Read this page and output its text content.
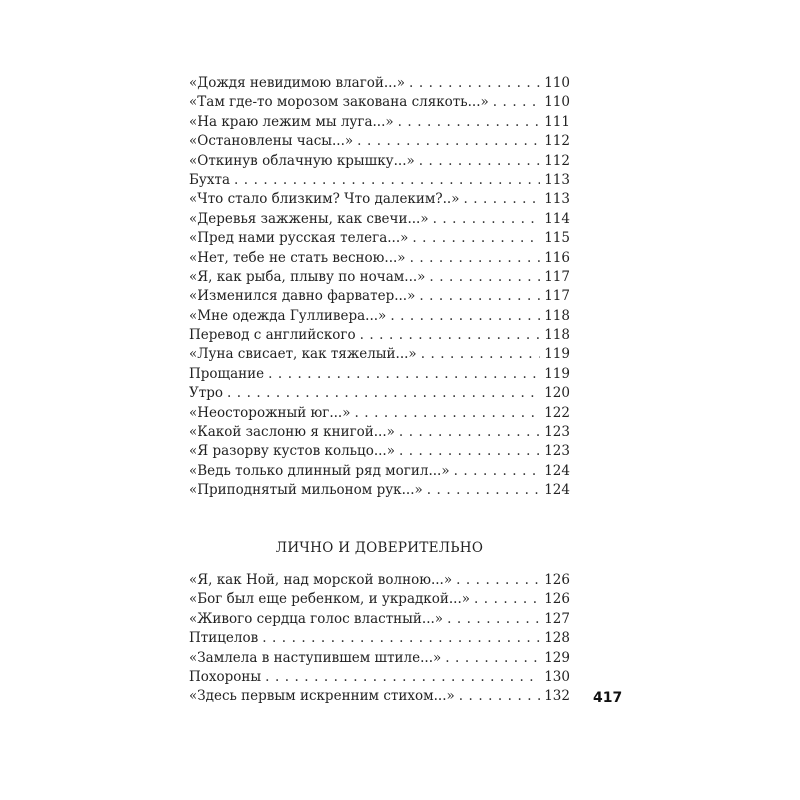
«Дождя невидимою влагой...» . . .	110
«Там где-то морозом закована слякоть...» . . .	110
«На краю лежим мы луга...» . . .	111
«Остановлены часы...» . . .	112
«Откинув облачную крышку...» . . .	112
Бухта . . .	113
«Что стало близким? Что далеким?..» . . .	113
«Деревья зажжены, как свечи...» . . .	114
«Пред нами русская телега...» . . .	115
«Нет, тебе не стать весною...» . . .	116
«Я, как рыба, плыву по ночам...» . . .	117
«Изменился давно фарватер...» . . .	117
«Мне одежда Гулливера...» . . .	118
Перевод с английского . . .	118
«Луна свисает, как тяжелый...» . . .	119
Прощание . . .	119
Утро . . .	120
«Неосторожный юг...» . . .	122
«Какой заслоню я книгой...» . . .	123
«Я разорву кустов кольцо...» . . .	123
«Ведь только длинный ряд могил...» . . .	124
«Приподнятый мильоном рук...» . . .	124
ЛИЧНО И ДОВЕРИТЕЛЬНО
«Я, как Ной, над морской волною...» . . .	126
«Бог был еще ребенком, и украдкой...» . . .	126
«Живого сердца голос властный...» . . .	127
Птицелов . . .	128
«Замлела в наступившем штиле...» . . .	129
Похороны . . .	130
«Здесь первым искренним стихом...» . . .	132 417
